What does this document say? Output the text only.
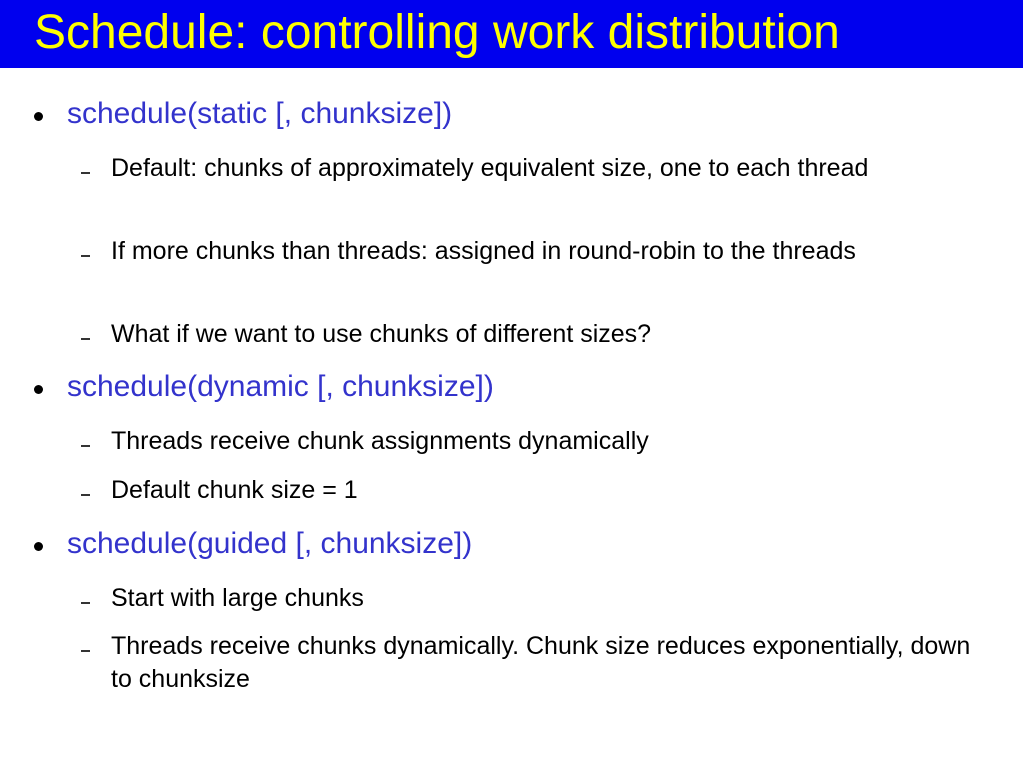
Schedule: controlling work distribution
schedule(static [, chunksize])
Default: chunks of approximately equivalent size, one to each thread
If more chunks than threads: assigned in round-robin to the threads
What if we want to use chunks of different sizes?
schedule(dynamic [, chunksize])
Threads receive chunk assignments dynamically
Default chunk size = 1
schedule(guided [, chunksize])
Start with large chunks
Threads receive chunks dynamically. Chunk size reduces exponentially, down to chunksize
